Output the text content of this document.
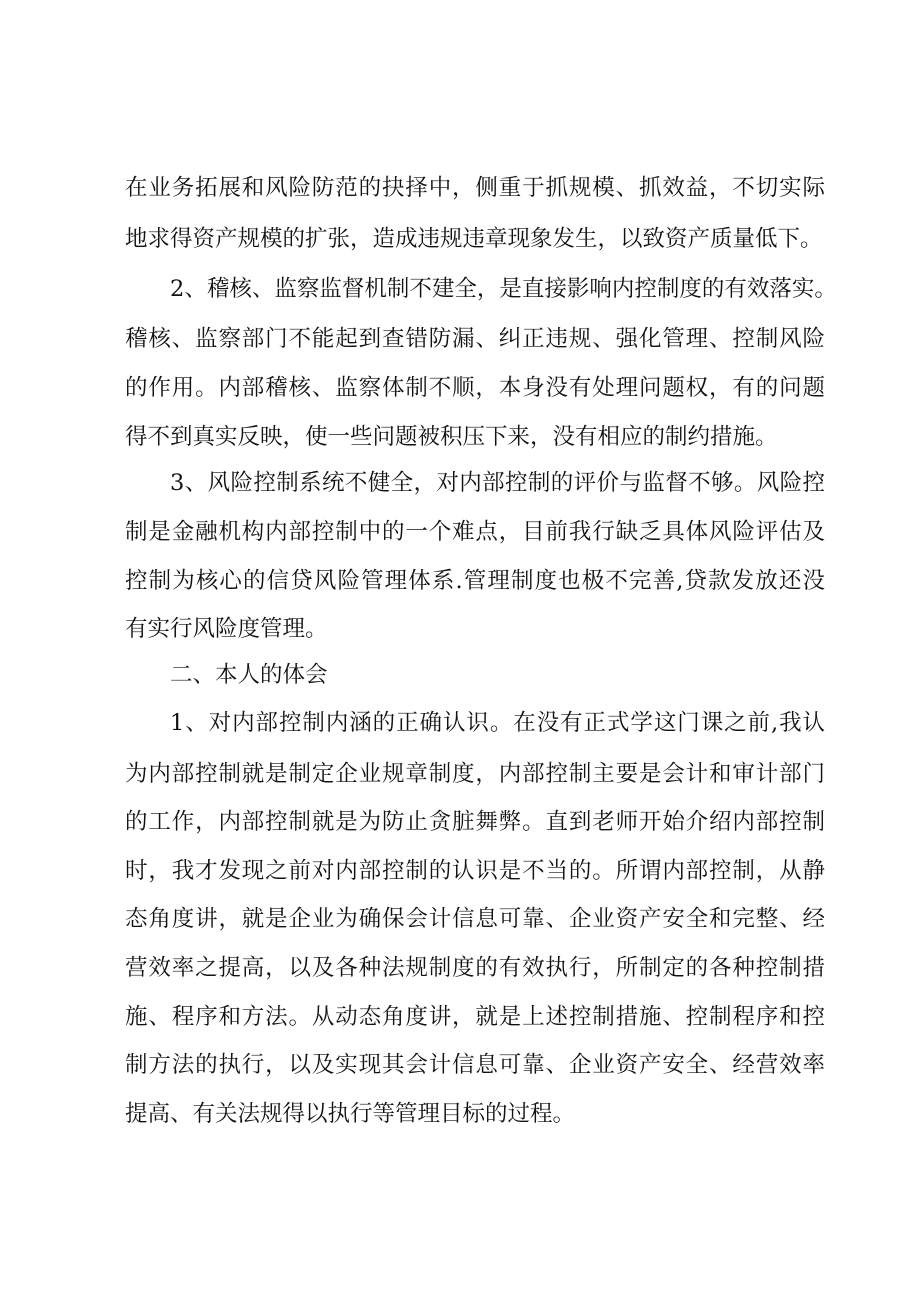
在业务拓展和风险防范的抉择中，侧重于抓规模、抓效益，不切实际
地求得资产规模的扩张，造成违规违章现象发生，以致资产质量低下。
2、稽核、监察监督机制不建全，是直接影响内控制度的有效落实。
稽核、监察部门不能起到查错防漏、纠正违规、强化管理、控制风险
的作用。内部稽核、监察体制不顺，本身没有处理问题权，有的问题
得不到真实反映，使一些问题被积压下来，没有相应的制约措施。
3、风险控制系统不健全，对内部控制的评价与监督不够。风险控
制是金融机构内部控制中的一个难点，目前我行缺乏具体风险评估及
控制为核心的信贷风险管理体系.管理制度也极不完善,贷款发放还没
有实行风险度管理。
二、本人的体会
1、对内部控制内涵的正确认识。在没有正式学这门课之前,我认
为内部控制就是制定企业规章制度，内部控制主要是会计和审计部门
的工作，内部控制就是为防止贪脏舞弊。直到老师开始介绍内部控制
时，我才发现之前对内部控制的认识是不当的。所谓内部控制，从静
态角度讲，就是企业为确保会计信息可靠、企业资产安全和完整、经
营效率之提高，以及各种法规制度的有效执行，所制定的各种控制措
施、程序和方法。从动态角度讲，就是上述控制措施、控制程序和控
制方法的执行，以及实现其会计信息可靠、企业资产安全、经营效率
提高、有关法规得以执行等管理目标的过程。
